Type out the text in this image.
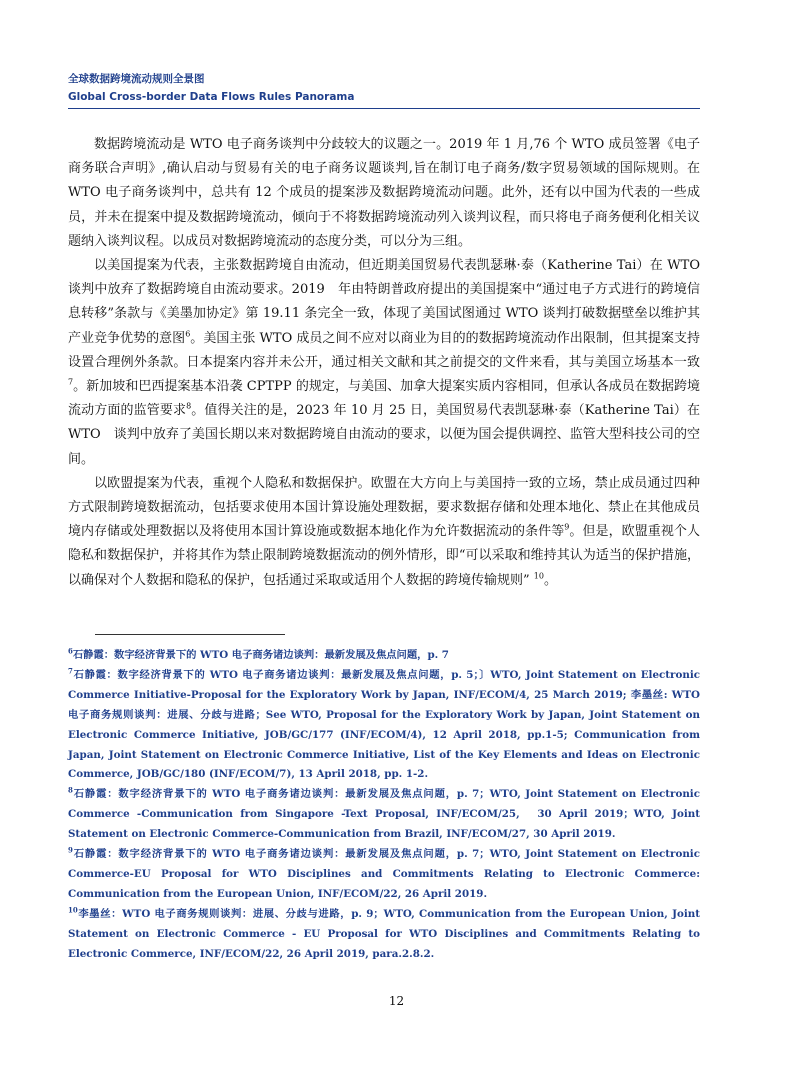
全球数据跨境流动规则全景图
Global Cross-border Data Flows Rules Panorama

数据跨境流动是 WTO 电子商务谈判中分歧较大的议题之一。2019 年 1 月,76 个 WTO 成员签署《电子商务联合声明》,确认启动与贸易有关的电子商务议题谈判,旨在制订电子商务/数字贸易领域的国际规则。在 WTO 电子商务谈判中，总共有 12 个成员的提案涉及数据跨境流动问题。此外，还有以中国为代表的一些成员，并未在提案中提及数据跨境流动，倾向于不将数据跨境流动列入谈判议程，而只将电子商务便利化相关议题纳入谈判议程。以成员对数据跨境流动的态度分类，可以分为三组。

以美国提案为代表，主张数据跨境自由流动，但近期美国贸易代表凯瑟琳·泰（Katherine Tai）在 WTO 谈判中放弃了数据跨境自由流动要求。2019　年由特朗普政府提出的美国提案中“通过电子方式进行的跨境信息转移”条款与《美墨加协定》第 19.11 条完全一致，体现了美国试图通过 WTO 谈判打破数据壁垒以维护其产业竞争优势的意图$^6$。美国主张 WTO 成员之间不应对以商业为目的的数据跨境流动作出限制，但其提案支持设置合理例外条款。日本提案内容并未公开，通过相关文献和其之前提交的文件来看，其与美国立场基本一致$^7$。新加坡和巴西提案基本沿袭 CPTPP 的规定，与美国、加拿大提案实质内容相同，但承认各成员在数据跨境流动方面的监管要求$^8$。值得关注的是，2023 年 10 月 25 日，美国贸易代表凯瑟琳·泰（Katherine Tai）在 WTO　谈判中放弃了美国长期以来对数据跨境自由流动的要求，以便为国会提供调控、监管大型科技公司的空间。

以欧盟提案为代表，重视个人隐私和数据保护。欧盟在大方向上与美国持一致的立场，禁止成员通过四种方式限制跨境数据流动，包括要求使用本国计算设施处理数据，要求数据存储和处理本地化、禁止在其他成员境内存储或处理数据以及将使用本国计算设施或数据本地化作为允许数据流动的条件等$^9$。但是，欧盟重视个人隐私和数据保护，并将其作为禁止限制跨境数据流动的例外情形，即“可以采取和维持其认为适当的保护措施，以确保对个人数据和隐私的保护，包括通过采取或适用个人数据的跨境传输规则” $^{10}$。

$^6$石静霞：数字经济背景下的 WTO 电子商务诸边谈判：最新发展及焦点问题，p. 7

$^7$石静霞：数字经济背景下的 WTO 电子商务诸边谈判：最新发展及焦点问题，p. 5；〕WTO, Joint Statement on Electronic Commerce Initiative-Proposal for the Exploratory Work by Japan, INF/ECOM/4, 25 March 2019; 李墨丝: WTO 电子商务规则谈判：进展、分歧与进路；See WTO, Proposal for the Exploratory Work by Japan, Joint Statement on Electronic Commerce Initiative, JOB/GC/177 (INF/ECOM/4), 12 April 2018, pp.1-5; Communication from Japan, Joint Statement on Electronic Commerce Initiative, List of the Key Elements and Ideas on Electronic Commerce, JOB/GC/180 (INF/ECOM/7), 13 April 2018, pp. 1-2.

$^8$石静霞：数字经济背景下的 WTO 电子商务诸边谈判：最新发展及焦点问题，p. 7；WTO, Joint Statement on Electronic Commerce -Communication from Singapore -Text Proposal, INF/ECOM/25,　30 April 2019；WTO, Joint Statement on Electronic Commerce-Communication from Brazil, INF/ECOM/27, 30 April 2019.

$^9$石静霞：数字经济背景下的 WTO 电子商务诸边谈判：最新发展及焦点问题，p. 7；WTO, Joint Statement on Electronic Commerce-EU Proposal for WTO Disciplines and Commitments Relating to Electronic Commerce: Communication from the European Union, INF/ECOM/22, 26 April 2019.

$^{10}$李墨丝：WTO 电子商务规则谈判：进展、分歧与进路，p. 9；WTO, Communication from the European Union, Joint Statement on Electronic Commerce - EU Proposal for WTO Disciplines and Commitments Relating to Electronic Commerce, INF/ECOM/22, 26 April 2019, para.2.8.2.

12
